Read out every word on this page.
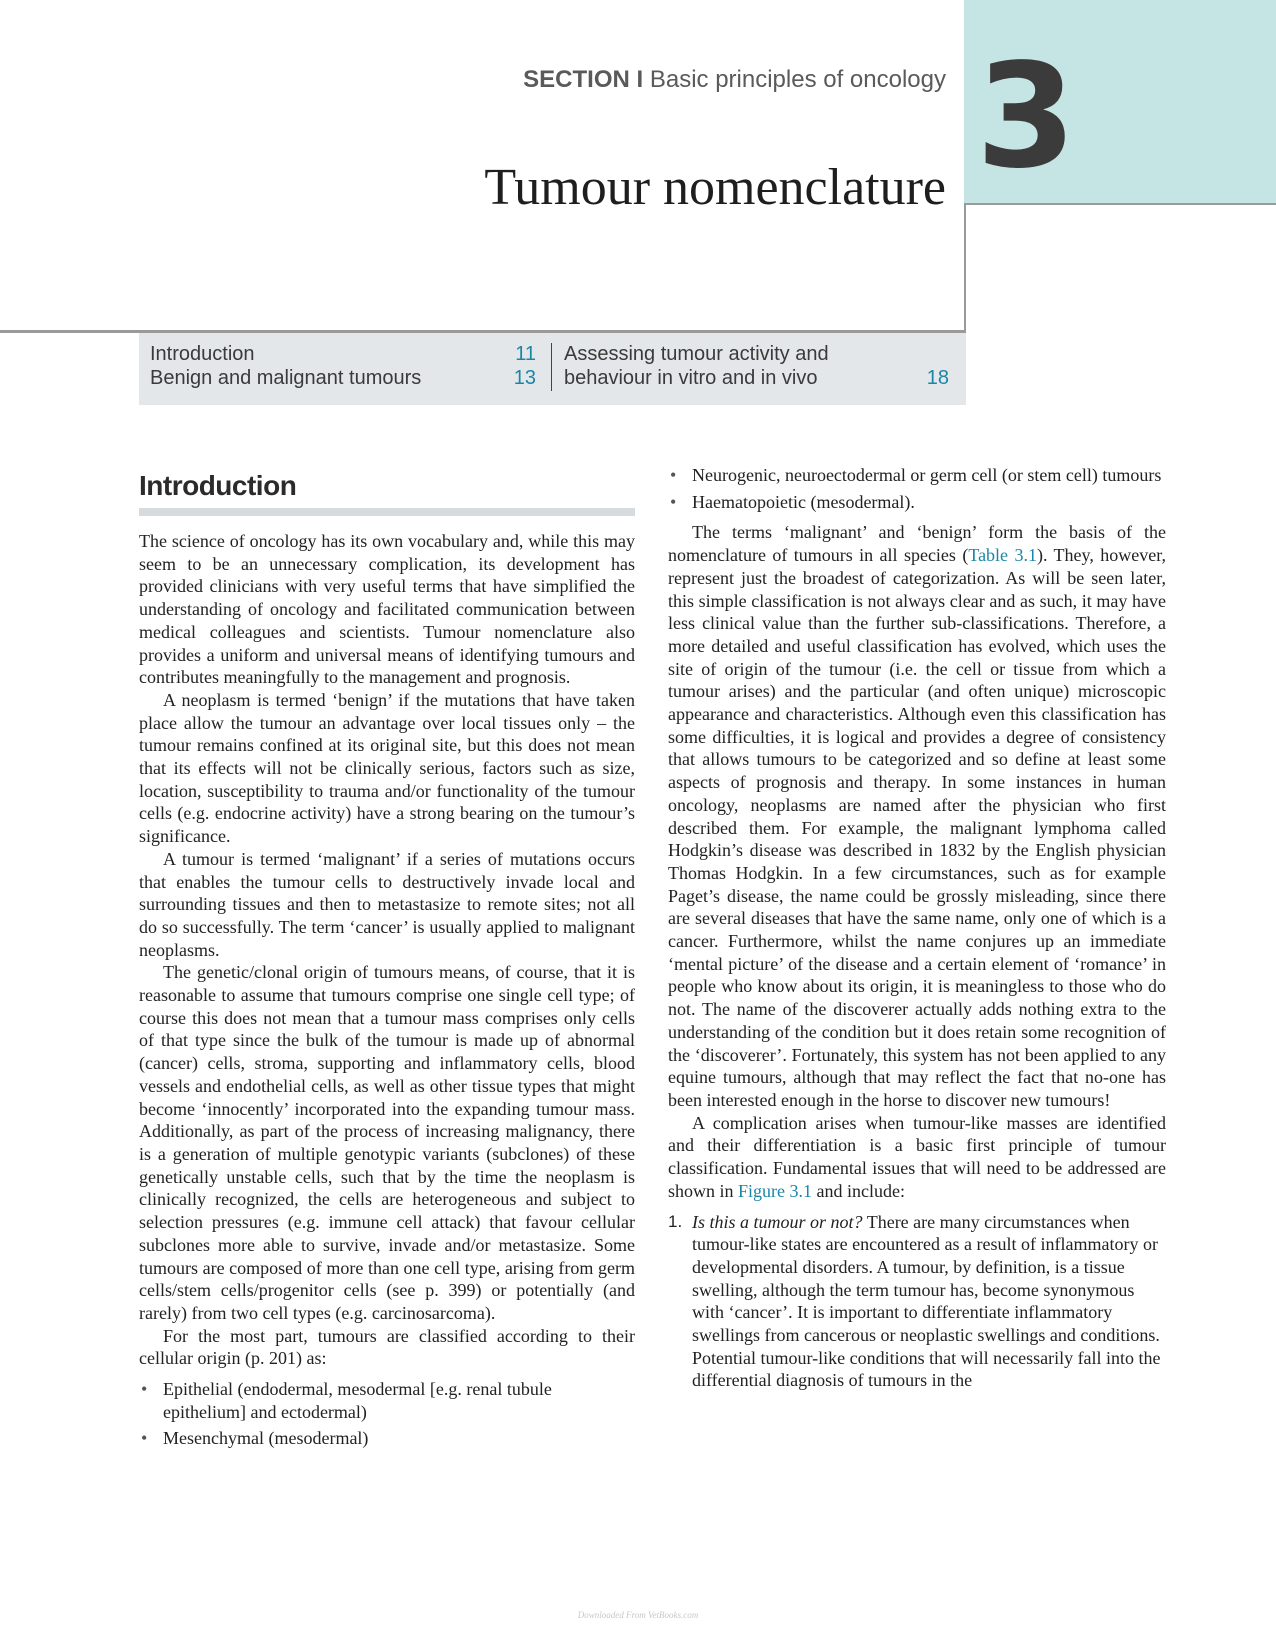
3
SECTION I Basic principles of oncology
Tumour nomenclature
Introduction	11
Benign and malignant tumours	13
Assessing tumour activity and
behaviour in vitro and in vivo	18
Introduction

The science of oncology has its own vocabulary and, while this may seem to be an unnecessary complication, its development has provided clinicians with very useful terms that have simplified the understanding of oncology and facilitated communication between medical colleagues and scientists. Tumour nomenclature also provides a uniform and universal means of identifying tumours and contributes meaningfully to the management and prognosis.

A neoplasm is termed ‘benign’ if the mutations that have taken place allow the tumour an advantage over local tissues only – the tumour remains confined at its original site, but this does not mean that its effects will not be clinically serious, factors such as size, location, susceptibility to trauma and/or functionality of the tumour cells (e.g. endocrine activity) have a strong bearing on the tumour’s significance.

A tumour is termed ‘malignant’ if a series of mutations occurs that enables the tumour cells to destructively invade local and surrounding tissues and then to metastasize to remote sites; not all do so successfully. The term ‘cancer’ is usually applied to malignant neoplasms.

The genetic/clonal origin of tumours means, of course, that it is reasonable to assume that tumours comprise one single cell type; of course this does not mean that a tumour mass comprises only cells of that type since the bulk of the tumour is made up of abnormal (cancer) cells, stroma, supporting and inflammatory cells, blood vessels and endothelial cells, as well as other tissue types that might become ‘innocently’ incorporated into the expanding tumour mass. Additionally, as part of the process of increasing malignancy, there is a generation of multiple genotypic variants (subclones) of these genetically unstable cells, such that by the time the neoplasm is clinically recognized, the cells are heterogeneous and subject to selection pressures (e.g. immune cell attack) that favour cellular subclones more able to survive, invade and/or metastasize. Some tumours are composed of more than one cell type, arising from germ cells/stem cells/progenitor cells (see p. 399) or potentially (and rarely) from two cell types (e.g. carcinosarcoma).

For the most part, tumours are classified according to their cellular origin (p. 201) as:

• Epithelial (endodermal, mesodermal [e.g. renal tubule epithelium] and ectodermal)
• Mesenchymal (mesodermal)
• Neurogenic, neuroectodermal or germ cell (or stem cell) tumours
• Haematopoietic (mesodermal).

The terms ‘malignant’ and ‘benign’ form the basis of the nomenclature of tumours in all species (Table 3.1). They, however, represent just the broadest of categorization. As will be seen later, this simple classification is not always clear and as such, it may have less clinical value than the further sub-classifications. Therefore, a more detailed and useful classification has evolved, which uses the site of origin of the tumour (i.e. the cell or tissue from which a tumour arises) and the particular (and often unique) microscopic appearance and characteristics. Although even this classification has some difficulties, it is logical and provides a degree of consistency that allows tumours to be categorized and so define at least some aspects of prognosis and therapy. In some instances in human oncology, neoplasms are named after the physician who first described them. For example, the malignant lymphoma called Hodgkin’s disease was described in 1832 by the English physician Thomas Hodgkin. In a few circumstances, such as for example Paget’s disease, the name could be grossly misleading, since there are several diseases that have the same name, only one of which is a cancer. Furthermore, whilst the name conjures up an immediate ‘mental picture’ of the disease and a certain element of ‘romance’ in people who know about its origin, it is meaningless to those who do not. The name of the discoverer actually adds nothing extra to the understanding of the condition but it does retain some recognition of the ‘discoverer’. Fortunately, this system has not been applied to any equine tumours, although that may reflect the fact that no-one has been interested enough in the horse to discover new tumours!

A complication arises when tumour-like masses are identified and their differentiation is a basic first principle of tumour classification. Fundamental issues that will need to be addressed are shown in Figure 3.1 and include:

1. Is this a tumour or not? There are many circumstances when tumour-like states are encountered as a result of inflammatory or developmental disorders. A tumour, by definition, is a tissue swelling, although the term tumour has, become synonymous with ‘cancer’. It is important to differentiate inflammatory swellings from cancerous or neoplastic swellings and conditions. Potential tumour-like conditions that will necessarily fall into the differential diagnosis of tumours in the
Downloaded From VetBooks.com
